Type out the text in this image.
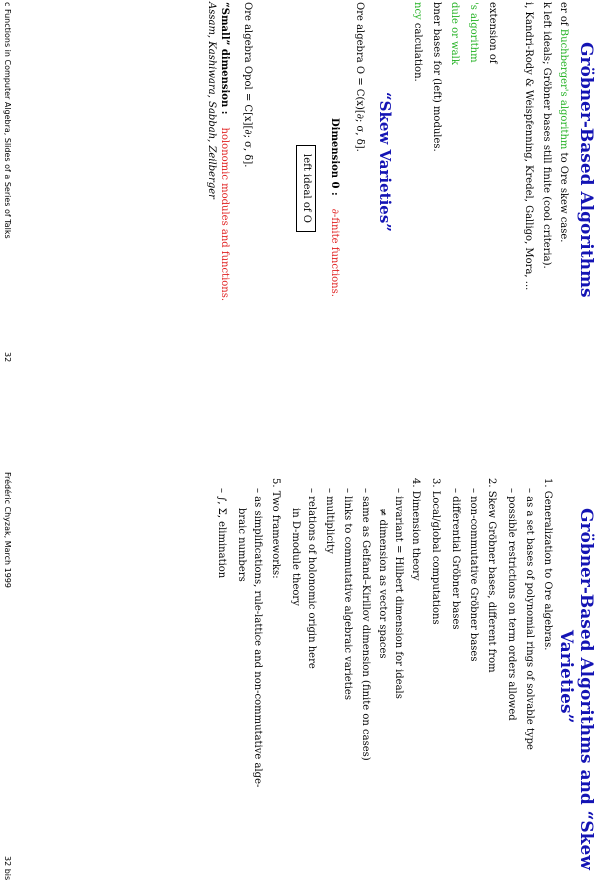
Gröbner-Based Algorithms
er of Buchberger's algorithm to Ore skew case.
k left ideals; Gröbner bases still finite (cool criteria).
i, Kandri-Rody & Weispfenning, Kredel, Galligo, Mora, ...
extension of
's algorithm
dule or walk
bner bases for (left) modules.
ncy calculation.
“Skew Varieties”
Ore algebra O = C(x)[∂; σ, δ].
Dimension 0 : ∂-finite functions.
left ideal of O
Ore algebra Opol = C[x][∂; σ, δ].
“Small” dimension : holonomic modules and functions.
Assam, Kashiwara, Sabbah, Zeilberger
c Functions in Computer Algebra, Slides of a Series of Talks
32
Gröbner-Based Algorithms and “Skew
Varieties”
1. Generalization to Ore algebras.
– as a set bases of polynomial rings of solvable type
– possible restrictions on term orders allowed
2. Skew Gröbner bases, different from
– non-commutative Gröbner bases
– differential Gröbner bases
3. Local/global computations
4. Dimension theory
– invariant = Hilbert dimension for ideals
≠ dimension as vector spaces
– same as Gelfand–Kirillov dimension (finite on cases)
– links to commutative algebraic varieties
– multiplicity
– relations of holonomic origin here
in D-module theory
5. Two frameworks:
– as simplifications, rule-lattice and non-commutative alge-
braic numbers
– ∫, Σ, elimination
Frédéric Chyzak, March 1999
32 bis
